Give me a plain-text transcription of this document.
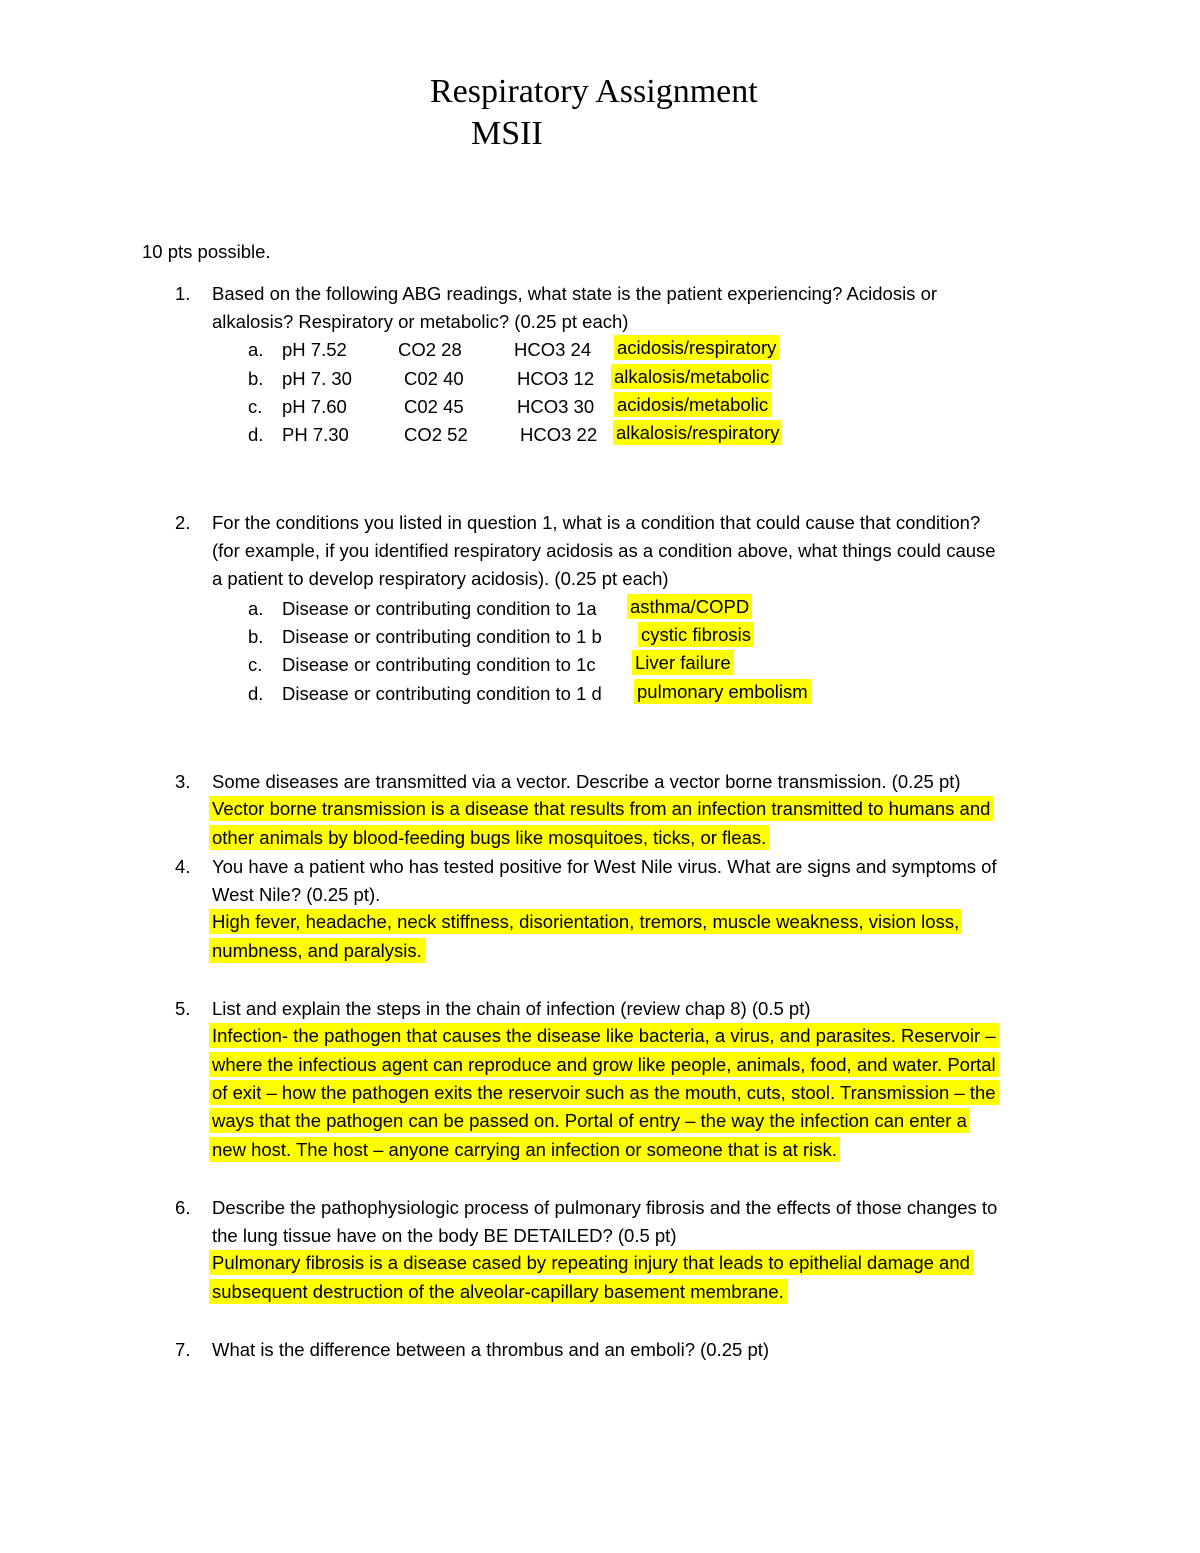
Respiratory Assignment
MSII
10 pts possible.
1. Based on the following ABG readings, what state is the patient experiencing? Acidosis or
alkalosis? Respiratory or metabolic? (0.25 pt each)
a. pH 7.52	CO2 28	HCO3 24 acidosis/respiratory
b. pH 7. 30	C02 40	HCO3 12 alkalosis/metabolic
c. pH 7.60	C02 45	HCO3 30 acidosis/metabolic
d. PH 7.30	CO2 52	HCO3 22 alkalosis/respiratory
2. For the conditions you listed in question 1, what is a condition that could cause that condition?
(for example, if you identified respiratory acidosis as a condition above, what things could cause
a patient to develop respiratory acidosis). (0.25 pt each)
a. Disease or contributing condition to 1a asthma/COPD
b. Disease or contributing condition to 1 b cystic fibrosis
c. Disease or contributing condition to 1c Liver failure
d. Disease or contributing condition to 1 d pulmonary embolism
3. Some diseases are transmitted via a vector. Describe a vector borne transmission. (0.25 pt)
Vector borne transmission is a disease that results from an infection transmitted to humans and
other animals by blood-feeding bugs like mosquitoes, ticks, or fleas.
4. You have a patient who has tested positive for West Nile virus. What are signs and symptoms of
West Nile? (0.25 pt).
High fever, headache, neck stiffness, disorientation, tremors, muscle weakness, vision loss,
numbness, and paralysis.
5. List and explain the steps in the chain of infection (review chap 8) (0.5 pt)
Infection- the pathogen that causes the disease like bacteria, a virus, and parasites. Reservoir –
where the infectious agent can reproduce and grow like people, animals, food, and water. Portal
of exit – how the pathogen exits the reservoir such as the mouth, cuts, stool. Transmission – the
ways that the pathogen can be passed on. Portal of entry – the way the infection can enter a
new host. The host – anyone carrying an infection or someone that is at risk.
6. Describe the pathophysiologic process of pulmonary fibrosis and the effects of those changes to
the lung tissue have on the body BE DETAILED? (0.5 pt)
Pulmonary fibrosis is a disease cased by repeating injury that leads to epithelial damage and
subsequent destruction of the alveolar-capillary basement membrane.
7. What is the difference between a thrombus and an emboli? (0.25 pt)
